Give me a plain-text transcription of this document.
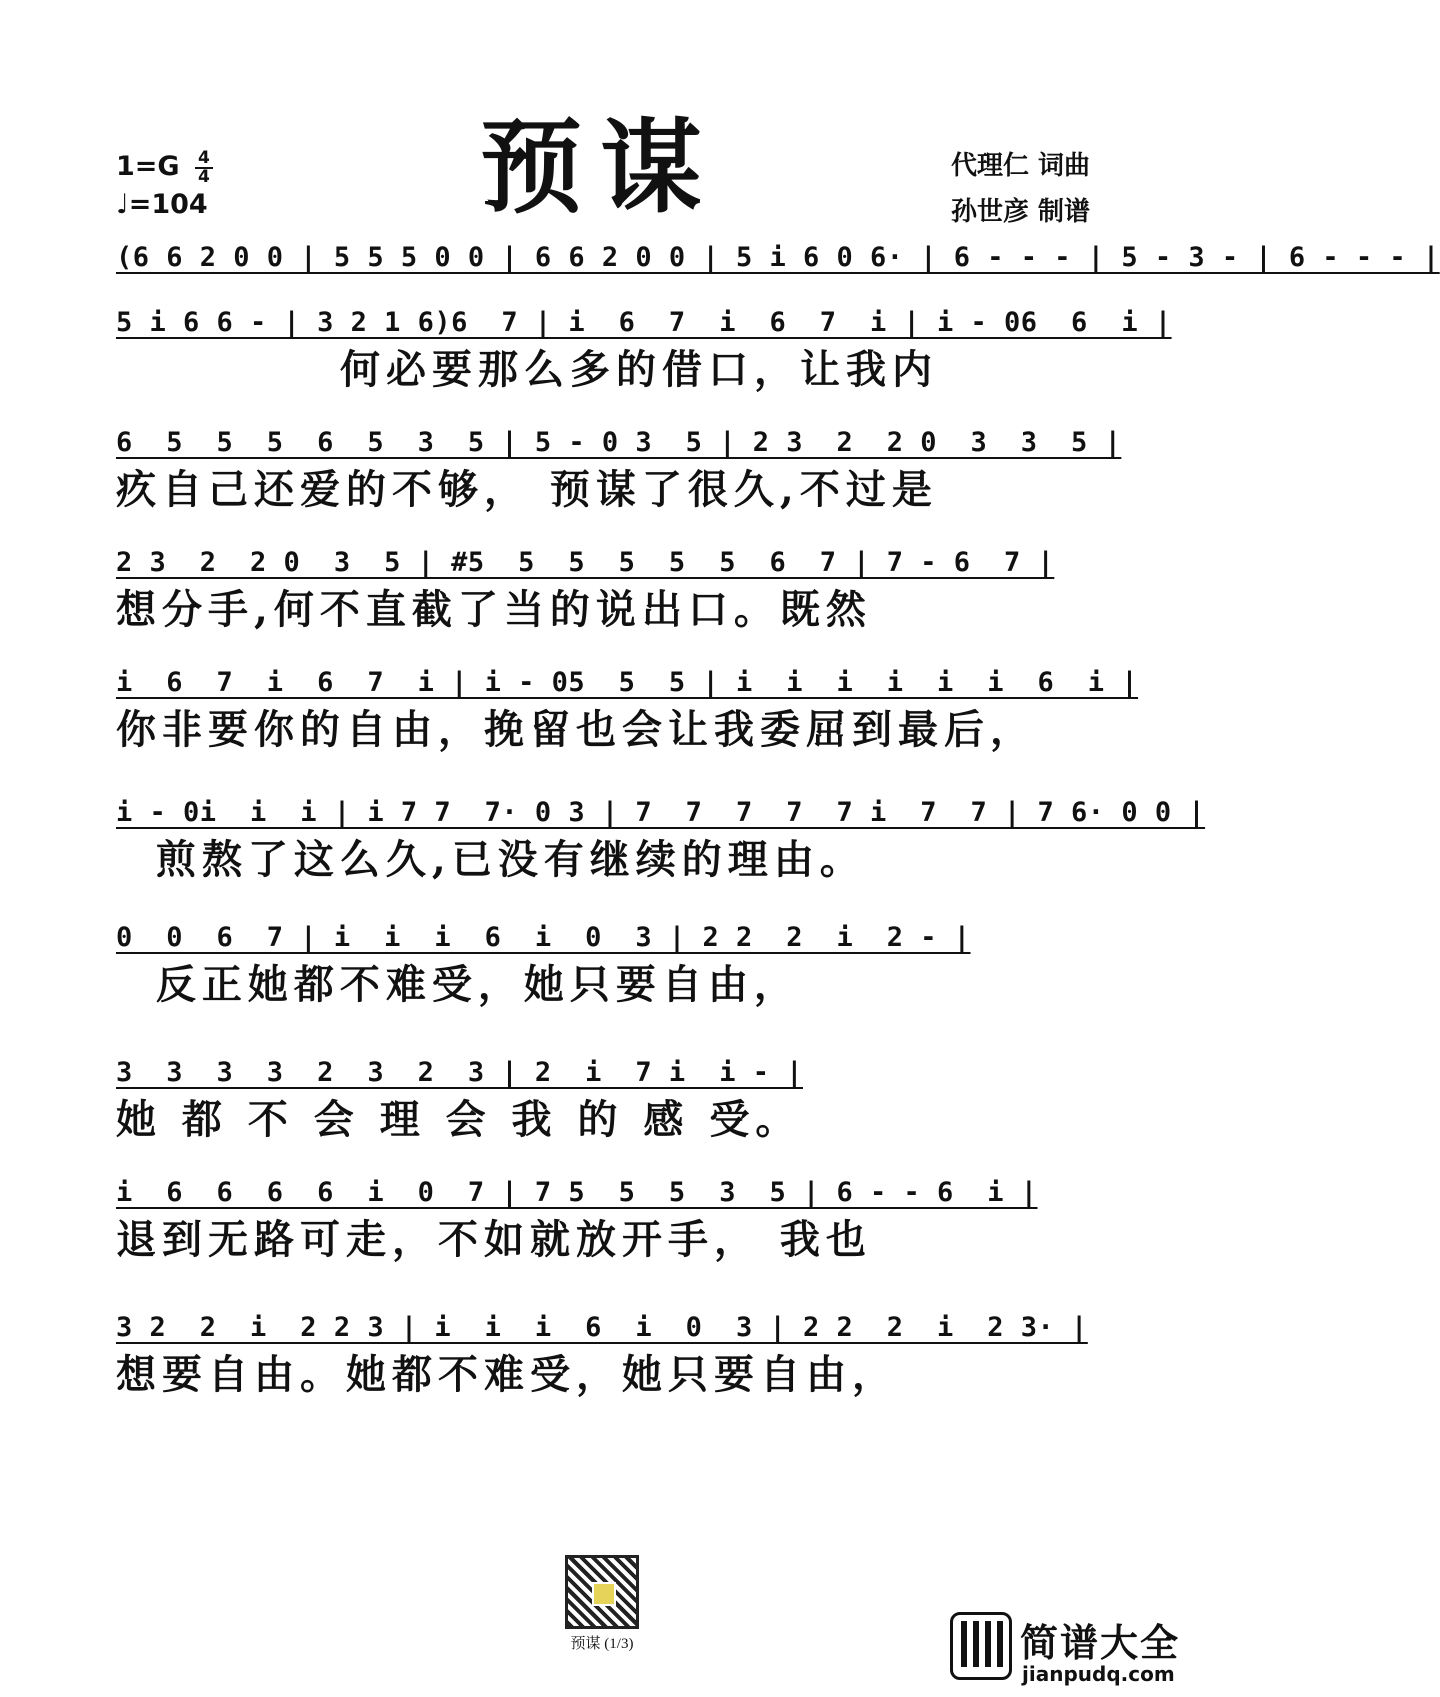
预谋
$1=G \frac{4}{4}$
♩=104
代理仁 词曲
孙世彦 制谱
(6 6 2 0 0 | 5 5 5 0 0 | 6 6 2 0 0 | 5 i 6 0 6· | 6 - - - | 5 - 3 - | 6 - - - |
5 i 6 6 - | 3 2 1 6)6  7 | i  6  7  i  6  7  i | i - 06  6  i |
何必要那么多的借口，让我内
6  5  5  5  6  5  3  5 | 5 - 0 3  5 | 2 3  2  2 0  3  3  5 |
疚自己还爱的不够， 预谋了很久,不过是
2 3  2  2 0  3  5 | #5  5  5  5  5  5  6  7 | 7 - 6  7 |
想分手,何不直截了当的说出口。既然
i  6  7  i  6  7  i | i - 05  5  5 | i  i  i  i  i  i  6  i |
你非要你的自由，挽留也会让我委屈到最后，
i - 0i  i  i | i 7 7  7· 0 3 | 7  7  7  7  7 i  7  7 | 7 6· 0 0 |
煎熬了这么久,已没有继续的理由。
0  0  6  7 | i  i  i  6  i  0  3 | 2 2  2  i  2 - |
反正她都不难受，她只要自由，
3  3  3  3  2  3  2  3 | 2  i  7 i  i - |
她 都 不 会 理 会 我 的 感 受。
i  6  6  6  6  i  0  7 | 7 5  5  5  3  5 | 6 - - 6  i |
退到无路可走，不如就放开手， 我也
3 2  2  i  2 2 3 | i  i  i  6  i  0  3 | 2 2  2  i  2 3· |
想要自由。她都不难受，她只要自由，
预谋 (1/3)	简谱大全
jianpudq.com
